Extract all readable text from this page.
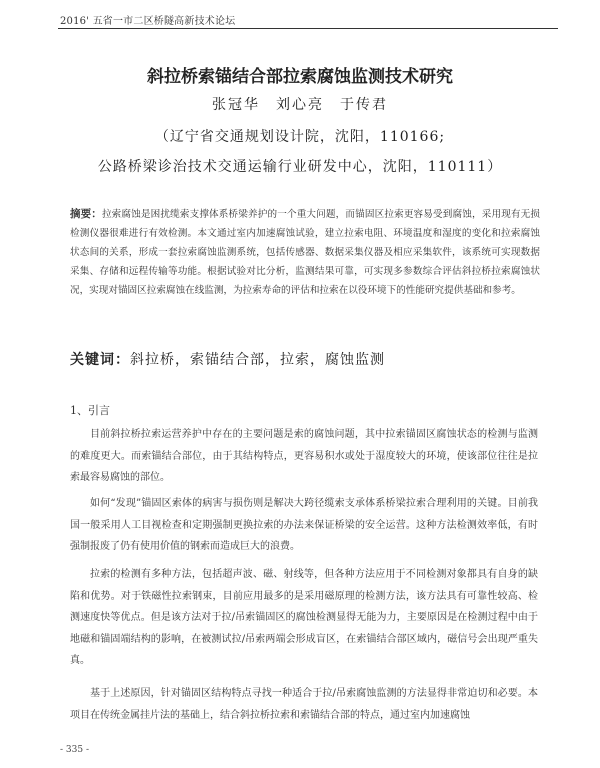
2016' 五省一市二区桥隧高新技术论坛
斜拉桥索锚结合部拉索腐蚀监测技术研究
张冠华　刘心亮　于传君
（辽宁省交通规划设计院，沈阳，110166;
公路桥梁诊治技术交通运输行业研发中心，沈阳，110111）
摘要：拉索腐蚀是困扰缆索支撑体系桥梁养护的一个重大问题，而锚固区拉索更容易受到腐蚀，采用现有无损检测仪器很难进行有效检测。本文通过室内加速腐蚀试验，建立拉索电阻、环境温度和湿度的变化和拉索腐蚀状态间的关系，形成一套拉索腐蚀监测系统，包括传感器、数据采集仪器及相应采集软件，该系统可实现数据采集、存储和远程传输等功能。根据试验对比分析，监测结果可靠，可实现多参数综合评估斜拉桥拉索腐蚀状况，实现对锚固区拉索腐蚀在线监测，为拉索寿命的评估和拉索在以役环境下的性能研究提供基础和参考。
关键词：斜拉桥，索锚结合部，拉索，腐蚀监测
1、引言

目前斜拉桥拉索运营养护中存在的主要问题是索的腐蚀问题，其中拉索锚固区腐蚀状态的检测与监测的难度更大。而索锚结合部位，由于其结构特点，更容易积水或处于湿度较大的环境，使该部位往往是拉索最容易腐蚀的部位。

如何“发现”锚固区索体的病害与损伤则是解决大跨径缆索支承体系桥梁拉索合理利用的关键。目前我国一般采用人工目视检查和定期强制更换拉索的办法来保证桥梁的安全运营。这种方法检测效率低，有时强制报废了仍有使用价值的钢索而造成巨大的浪费。

拉索的检测有多种方法，包括超声波、磁、射线等，但各种方法应用于不同检测对象都具有自身的缺陷和优势。对于铁磁性拉索钢束，目前应用最多的是采用磁原理的检测方法，该方法具有可靠性较高、检测速度快等优点。但是该方法对于拉/吊索锚固区的腐蚀检测显得无能为力，主要原因是在检测过程中由于地磁和锚固端结构的影响，在被测试拉/吊索两端会形成盲区，在索锚结合部区域内，磁信号会出现严重失真。

基于上述原因，针对锚固区结构特点寻找一种适合于拉/吊索腐蚀监测的方法显得非常迫切和必要。本项目在传统金属挂片法的基础上，结合斜拉桥拉索和索锚结合部的特点，通过室内加速腐蚀

- 335 -
